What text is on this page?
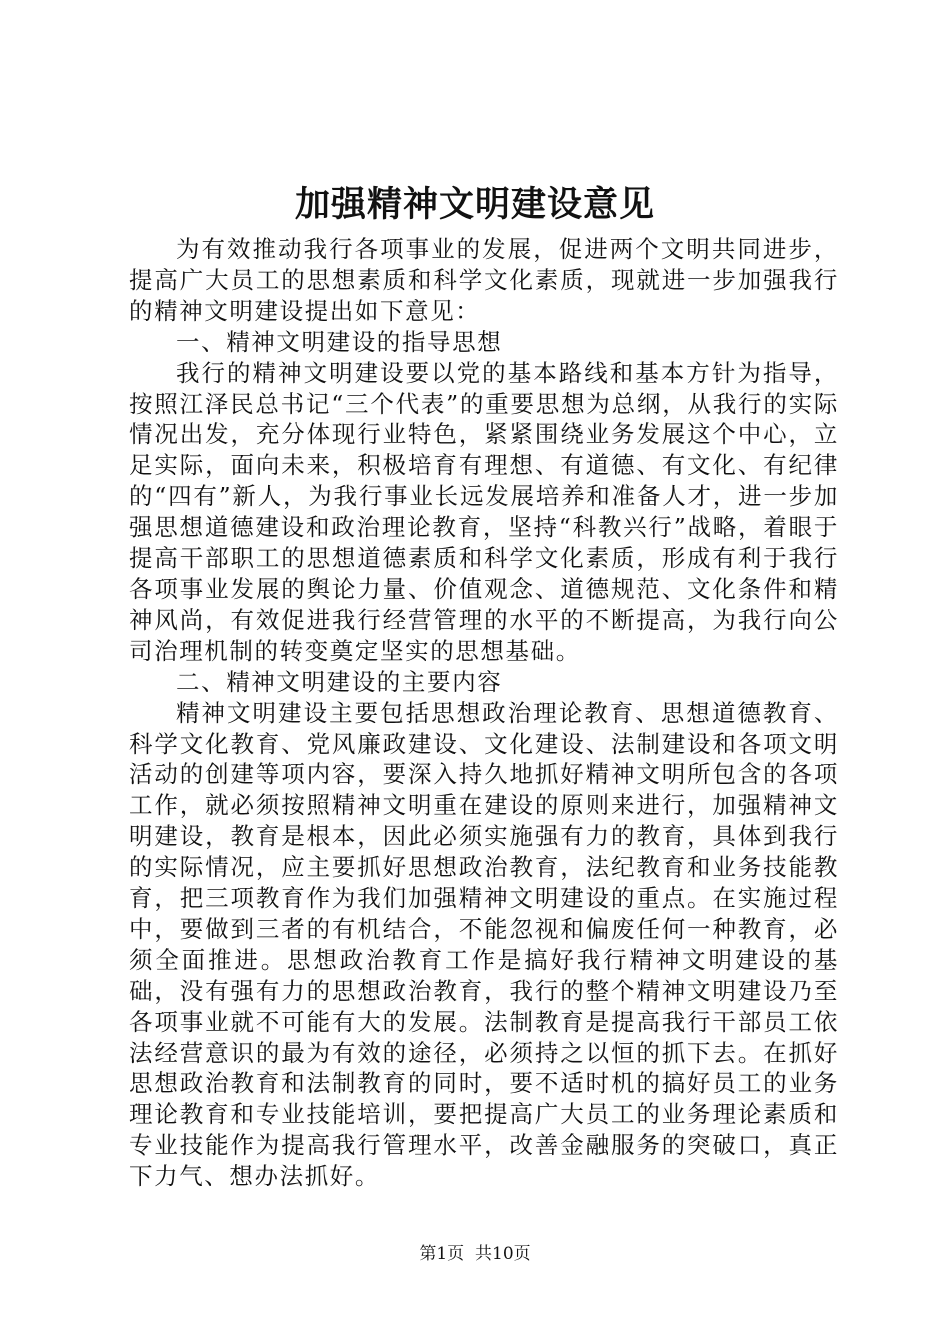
加强精神文明建设意见

为有效推动我行各项事业的发展，促进两个文明共同进步，提高广大员工的思想素质和科学文化素质，现就进一步加强我行的精神文明建设提出如下意见：

一、精神文明建设的指导思想

我行的精神文明建设要以党的基本路线和基本方针为指导，按照江泽民总书记“三个代表”的重要思想为总纲，从我行的实际情况出发，充分体现行业特色，紧紧围绕业务发展这个中心，立足实际，面向未来，积极培育有理想、有道德、有文化、有纪律的“四有”新人，为我行事业长远发展培养和准备人才，进一步加强思想道德建设和政治理论教育，坚持“科教兴行”战略，着眼于提高干部职工的思想道德素质和科学文化素质，形成有利于我行各项事业发展的舆论力量、价值观念、道德规范、文化条件和精神风尚，有效促进我行经营管理的水平的不断提高，为我行向公司治理机制的转变奠定坚实的思想基础。

二、精神文明建设的主要内容

精神文明建设主要包括思想政治理论教育、思想道德教育、科学文化教育、党风廉政建设、文化建设、法制建设和各项文明活动的创建等项内容，要深入持久地抓好精神文明所包含的各项工作，就必须按照精神文明重在建设的原则来进行，加强精神文明建设，教育是根本，因此必须实施强有力的教育，具体到我行的实际情况，应主要抓好思想政治教育，法纪教育和业务技能教育，把三项教育作为我们加强精神文明建设的重点。在实施过程中，要做到三者的有机结合，不能忽视和偏废任何一种教育，必须全面推进。思想政治教育工作是搞好我行精神文明建设的基础，没有强有力的思想政治教育，我行的整个精神文明建设乃至各项事业就不可能有大的发展。法制教育是提高我行干部员工依法经营意识的最为有效的途径，必须持之以恒的抓下去。在抓好思想政治教育和法制教育的同时，要不适时机的搞好员工的业务理论教育和专业技能培训，要把提高广大员工的业务理论素质和专业技能作为提高我行管理水平，改善金融服务的突破口，真正下力气、想办法抓好。

第1页 共10页
